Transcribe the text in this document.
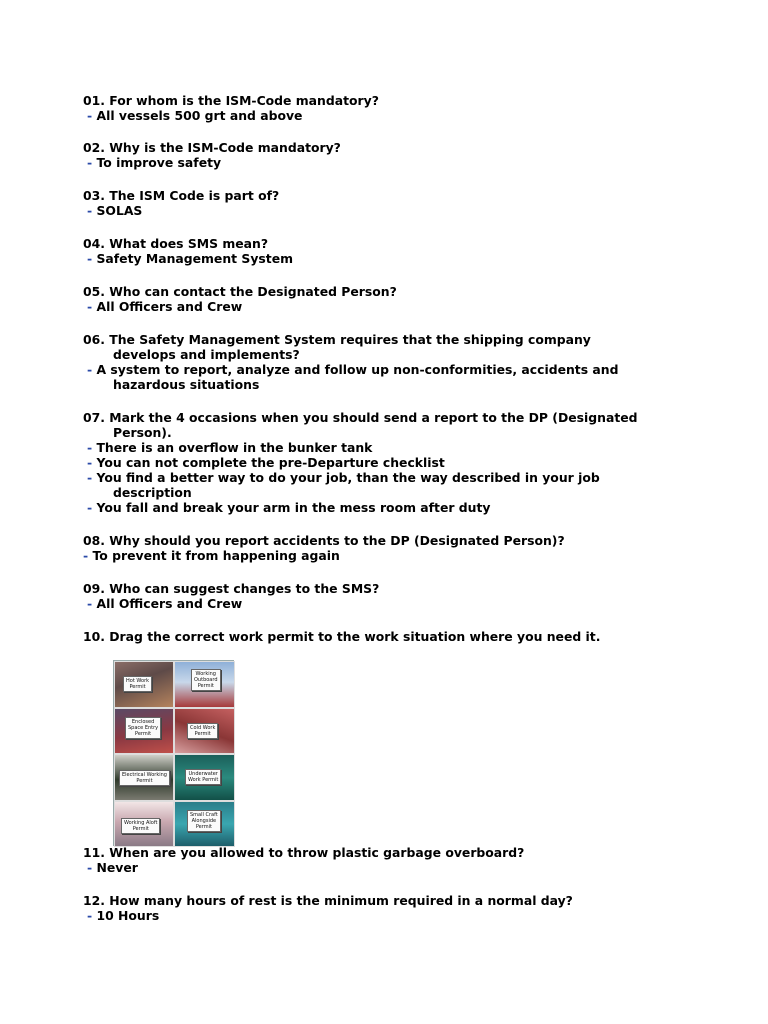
01. For whom is the ISM-Code mandatory?
- All vessels 500 grt and above
02. Why is the ISM-Code mandatory?
- To improve safety
03. The ISM Code is part of?
- SOLAS
04. What does SMS mean?
- Safety Management System
05. Who can contact the Designated Person?
- All Officers and Crew
06. The Safety Management System requires that the shipping company
develops and implements?
- A system to report, analyze and follow up non-conformities, accidents and
hazardous situations
07. Mark the 4 occasions when you should send a report to the DP (Designated
Person).
- There is an overflow in the bunker tank
- You can not complete the pre-Departure checklist
- You find a better way to do your job, than the way described in your job
description
- You fall and break your arm in the mess room after duty
08. Why should you report accidents to the DP (Designated Person)?
- To prevent it from happening again
09. Who can suggest changes to the SMS?
- All Officers and Crew
10. Drag the correct work permit to the work situation where you need it.
Hot Work
Permit
Working
Outboard
Permit
Enclosed
Space Entry
Permit
Cold Work
Permit
Electrical Working
Permit
Underwater
Work Permit
Working Aloft
Permit
Small Craft
Alongside
Permit
11. When are you allowed to throw plastic garbage overboard?
- Never
12. How many hours of rest is the minimum required in a normal day?
- 10 Hours
